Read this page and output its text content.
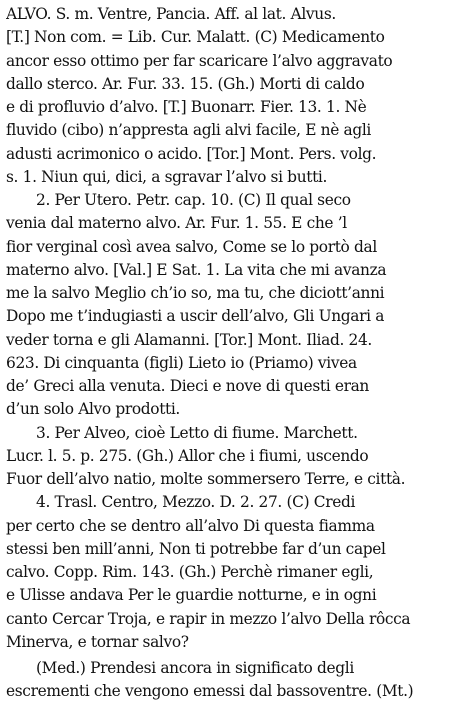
ALVO. S. m. Ventre, Pancia. Aff. al lat. Alvus.
[T.] Non com. = Lib. Cur. Malatt. (C) Medicamento
ancor esso ottimo per far scaricare l’alvo aggravato
dallo sterco. Ar. Fur. 33. 15. (Gh.) Morti di caldo
e di profluvio d’alvo. [T.] Buonarr. Fier. 13. 1. Nè
fluvido (cibo) n’appresta agli alvi facile, E nè agli
adusti acrimonico o acido. [Tor.] Mont. Pers. volg.
s. 1. Niun qui, dici, a sgravar l’alvo si butti.
2. Per Utero. Petr. cap. 10. (C) Il qual seco
venia dal materno alvo. Ar. Fur. 1. 55. E che ’l
fior verginal così avea salvo, Come se lo portò dal
materno alvo. [Val.] E Sat. 1. La vita che mi avanza
me la salvo Meglio ch’io so, ma tu, che diciott’anni
Dopo me t’indugiasti a uscir dell’alvo, Gli Ungari a
veder torna e gli Alamanni. [Tor.] Mont. Iliad. 24.
623. Di cinquanta (figli) Lieto io (Priamo) vivea
de’ Greci alla venuta. Dieci e nove di questi eran
d’un solo Alvo prodotti.
3. Per Alveo, cioè Letto di fiume. Marchett.
Lucr. l. 5. p. 275. (Gh.) Allor che i fiumi, uscendo
Fuor dell’alvo natio, molte sommersero Terre, e città.
4. Trasl. Centro, Mezzo. D. 2. 27. (C) Credi
per certo che se dentro all’alvo Di questa fiamma
stessi ben mill’anni, Non ti potrebbe far d’un capel
calvo. Copp. Rim. 143. (Gh.) Perchè rimaner egli,
e Ulisse andava Per le guardie notturne, e in ogni
canto Cercar Troja, e rapir in mezzo l’alvo Della rôcca
Minerva, e tornar salvo?
(Med.) Prendesi ancora in significato degli
escrementi che vengono emessi dal bassoventre. (Mt.)
